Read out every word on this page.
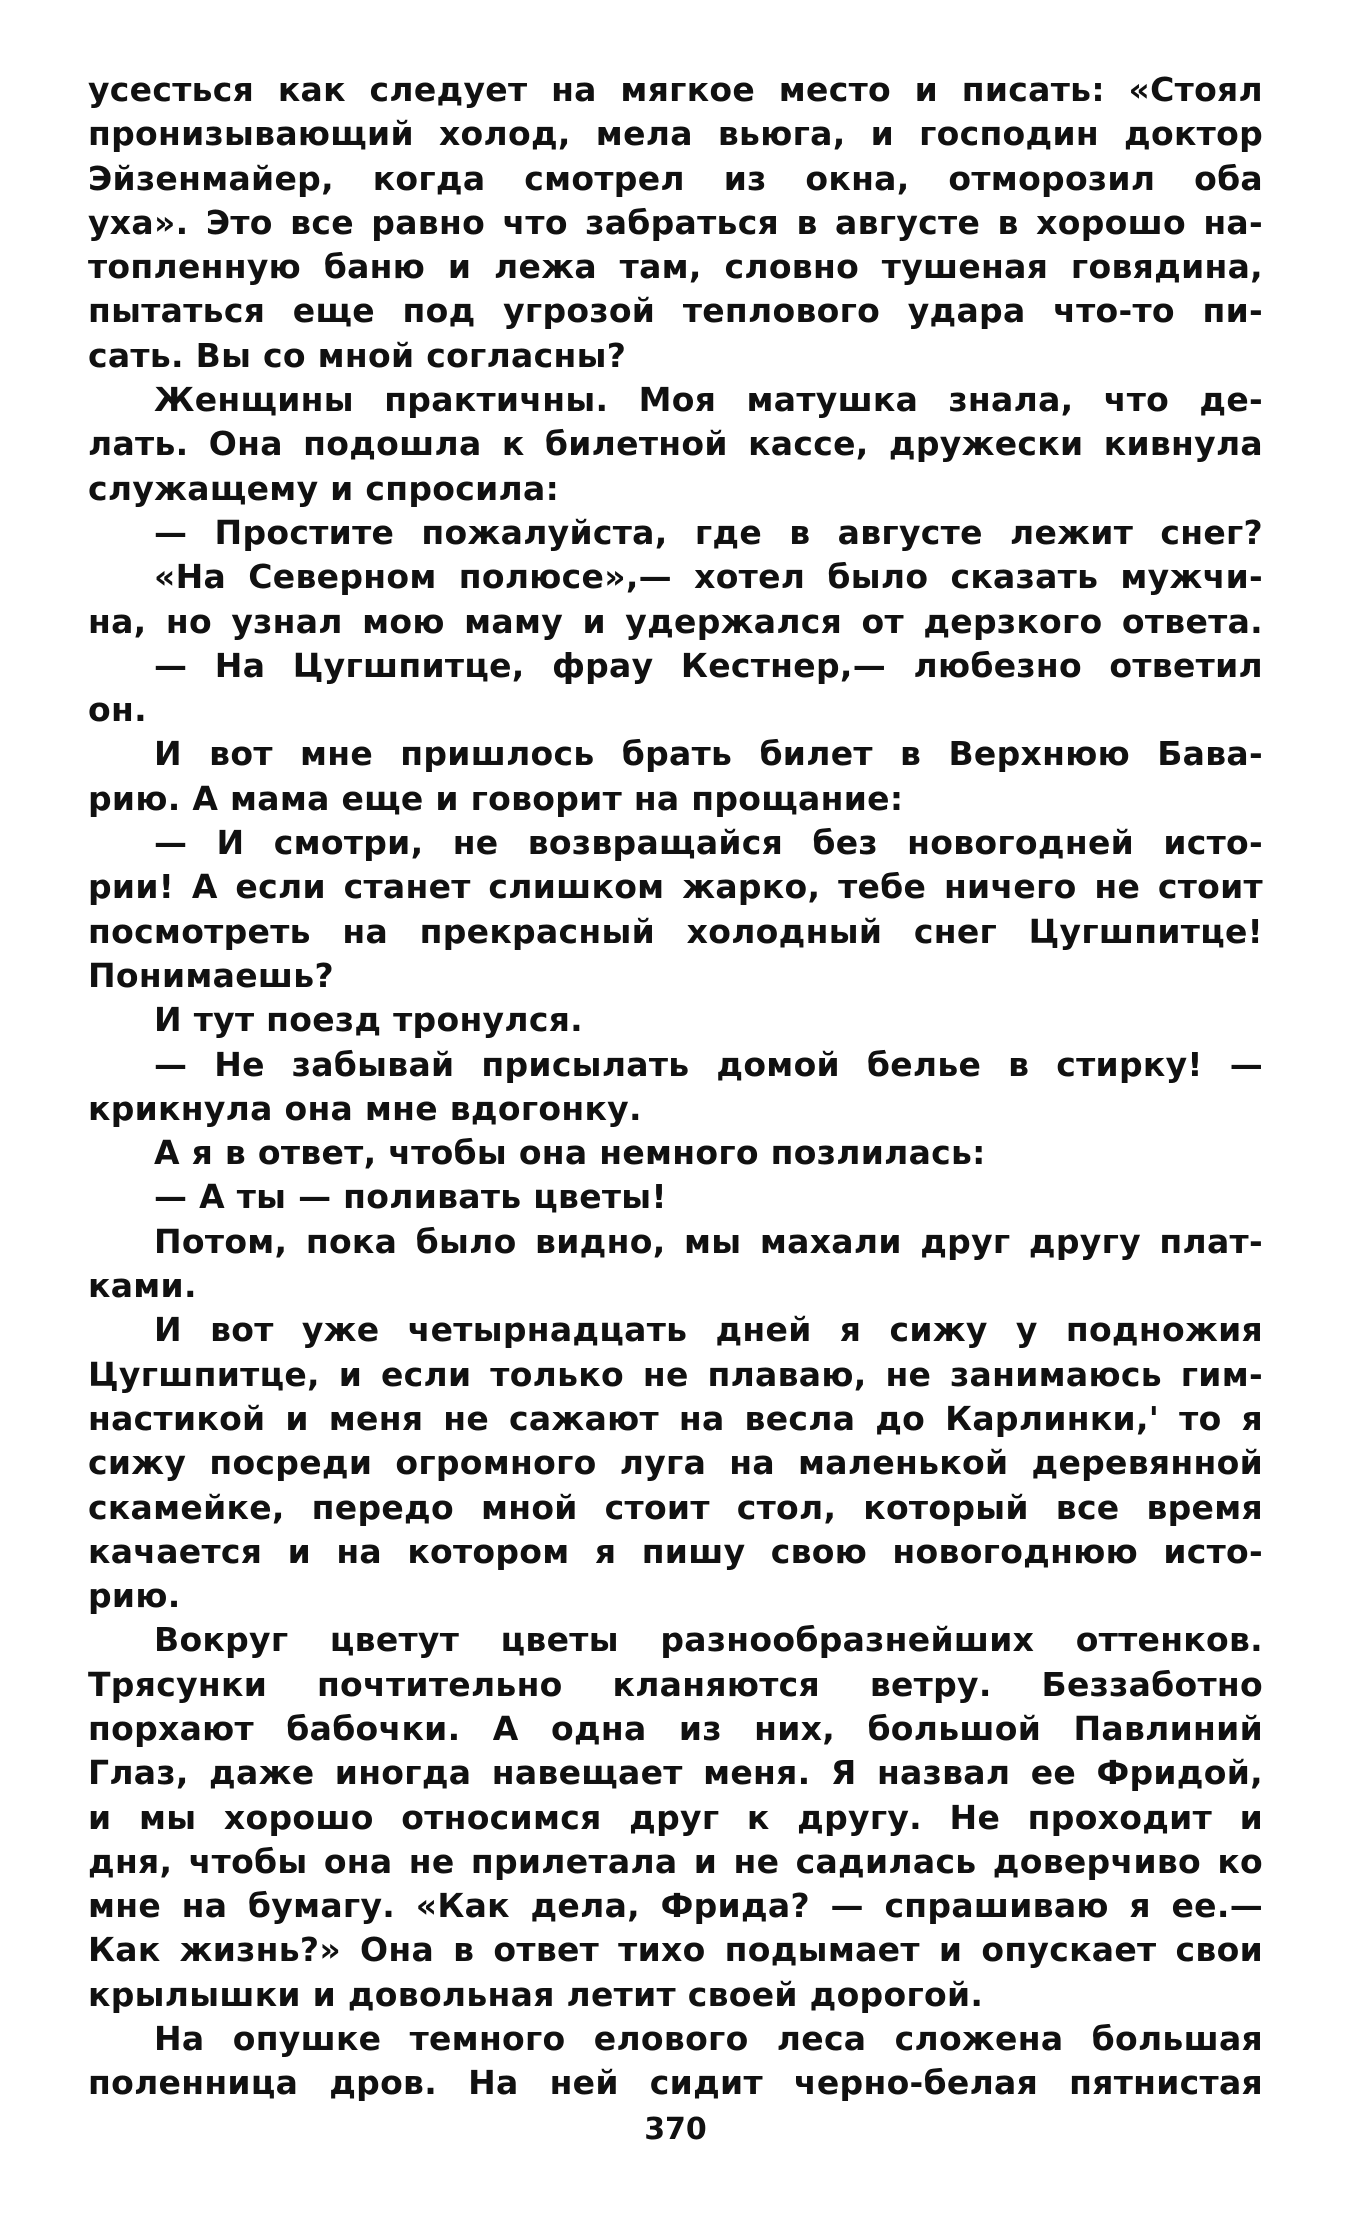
усесться как следует на мягкое место и писать: «Стоял
пронизывающий холод, мела вьюга, и господин доктор
Эйзенмайер, когда смотрел из окна, отморозил оба
уха». Это все равно что забраться в августе в хорошо на-
топленную баню и лежа там, словно тушеная говядина,
пытаться еще под угрозой теплового удара что-то пи-
сать. Вы со мной согласны?
Женщины практичны. Моя матушка знала, что де-
лать. Она подошла к билетной кассе, дружески кивнула
служащему и спросила:
— Простите пожалуйста, где в августе лежит снег?
«На Северном полюсе»,— хотел было сказать мужчи-
на, но узнал мою маму и удержался от дерзкого ответа.
— На Цугшпитце, фрау Кестнер,— любезно ответил
он.
И вот мне пришлось брать билет в Верхнюю Бава-
рию. А мама еще и говорит на прощание:
— И смотри, не возвращайся без новогодней исто-
рии! А если станет слишком жарко, тебе ничего не стоит
посмотреть на прекрасный холодный снег Цугшпитце!
Понимаешь?
И тут поезд тронулся.
— Не забывай присылать домой белье в стирку! —
крикнула она мне вдогонку.
А я в ответ, чтобы она немного позлилась:
— А ты — поливать цветы!
Потом, пока было видно, мы махали друг другу плат-
ками.
И вот уже четырнадцать дней я сижу у подножия
Цугшпитце, и если только не плаваю, не занимаюсь гим-
настикой и меня не сажают на весла до Карлинки,' то я
сижу посреди огромного луга на маленькой деревянной
скамейке, передо мной стоит стол, который все время
качается и на котором я пишу свою новогоднюю исто-
рию.
Вокруг цветут цветы разнообразнейших оттенков.
Трясунки почтительно кланяются ветру. Беззаботно
порхают бабочки. А одна из них, большой Павлиний
Глаз, даже иногда навещает меня. Я назвал ее Фридой,
и мы хорошо относимся друг к другу. Не проходит и
дня, чтобы она не прилетала и не садилась доверчиво ко
мне на бумагу. «Как дела, Фрида? — спрашиваю я ее.—
Как жизнь?» Она в ответ тихо подымает и опускает свои
крылышки и довольная летит своей дорогой.
На опушке темного елового леса сложена большая
поленница дров. На ней сидит черно-белая пятнистая
370
